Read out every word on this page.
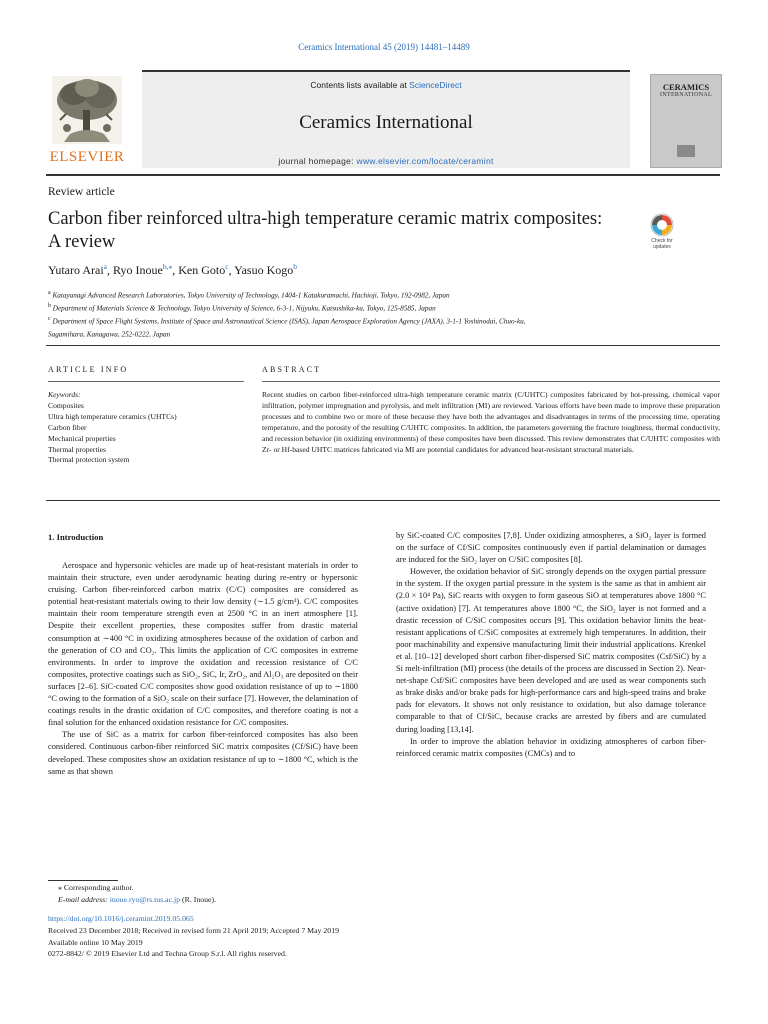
Ceramics International 45 (2019) 14481–14489
ELSEVIER
Contents lists available at ScienceDirect
Ceramics International
journal homepage: www.elsevier.com/locate/ceramint
CERAMICS
INTERNATIONAL
Review article
Carbon fiber reinforced ultra-high temperature ceramic matrix composites:
A review	Check for
updates
Yutaro Arai$^a$, Ryo Inoue$^{b,⁎}$, Ken Goto$^c$, Yasuo Kogo$^b$
$^a$ Katayanagi Advanced Research Laboratories, Tokyo University of Technology, 1404-1 Katakuramachi, Hachioji, Tokyo, 192-0982, Japan
$^b$ Department of Materials Science & Technology, Tokyo University of Science, 6-3-1, Nijyuku, Katsushika-ku, Tokyo, 125-8585, Japan
$^c$ Department of Space Flight Systems, Institute of Space and Astronautical Science (ISAS), Japan Aerospace Exploration Agency (JAXA), 3-1-1 Yoshinodai, Chuo-ku,
Sagamihara, Kanagawa, 252-0222, Japan
ARTICLE INFO	ABSTRACT
Keywords:
Composites
Ultra high temperature ceramics (UHTCs)
Carbon fiber
Mechanical properties
Thermal properties
Thermal protection system
Recent studies on carbon fiber-reinforced ultra-high temperature ceramic matrix (C/UHTC) composites fabricated by hot-pressing, chemical vapor infiltration, polymer impregnation and pyrolysis, and melt infiltration (MI) are reviewed. Various efforts have been made to improve these preparation processes and to combine two or more of these because they have both the advantages and disadvantages in terms of the processing time, operating temperature, and the porosity of the resulting C/UHTC composites. In addition, the parameters governing the fracture toughness, thermal conductivity, and recession behavior (in oxidizing environments) of these composites have been discussed. This review demonstrates that C/UHTC composites with Zr- or Hf-based UHTC matrices fabricated via MI are potential candidates for advanced heat-resistant structural materials.
1. Introduction

Aerospace and hypersonic vehicles are made up of heat-resistant materials in order to maintain their structure, even under aerodynamic heating during re-entry or hypersonic cruising. Carbon fiber-reinforced carbon matrix (C/C) composites are considered as potential heat-resistant materials owing to their low density (∼1.5 g/cm³). C/C composites maintain their room temperature strength even at 2500 °C in an inert atmosphere [1]. Despite their excellent properties, these composites suffer from drastic material consumption at ∼400 °C in oxidizing atmospheres because of the oxidation of carbon and the generation of CO and CO₂. This limits the application of C/C composites in extreme environments. In order to improve the oxidation and recession resistance of C/C composites, protective coatings such as SiO₂, SiC, Ir, ZrO₂, and Al₂O₃ are deposited on their surfaces [2–6]. SiC-coated C/C composites show good oxidation resistance of up to ∼1800 °C owing to the formation of a SiO₂ scale on their surface [7]. However, the delamination of coatings results in the drastic oxidation of C/C composites, and therefore coating is not a final solution for the enhanced oxidation resistance for C/C composites.

The use of SiC as a matrix for carbon fiber-reinforced composites has also been considered. Continuous carbon-fiber reinforced SiC matrix composites (Cf/SiC) have been developed. These composites show an oxidation resistance of up to ∼1800 °C, which is the same as that shown

by SiC-coated C/C composites [7,8]. Under oxidizing atmospheres, a SiO₂ layer is formed on the surface of Cf/SiC composites continuously even if partial delamination or damages are induced for the SiO₂ layer on C/SiC composites [8].

However, the oxidation behavior of SiC strongly depends on the oxygen partial pressure in the system. If the oxygen partial pressure in the system is the same as that in ambient air (2.0 × 10⁴ Pa), SiC reacts with oxygen to form gaseous SiO at temperatures above 1800 °C (active oxidation) [7]. At temperatures above 1800 °C, the SiO₂ layer is not formed and a drastic recession of C/SiC composites occurs [9]. This oxidation behavior limits the heat-resistant applications of C/SiC composites at extremely high temperatures. In addition, their poor machinability and expensive manufacturing limit their industrial applications. Krenkel et al. [10–12] developed short carbon fiber-dispersed SiC matrix composites (Csf/SiC) by a Si melt-infiltration (MI) process (the details of the process are discussed in Section 2). Near-net-shape Csf/SiC composites have been developed and are used as wear components such as brake disks and/or brake pads for high-performance cars and high-speed trains and brake pads for elevators. It shows not only resistance to oxidation, but also damage tolerance comparable to that of Cf/SiC, because cracks are arrested by fibers and are cumulated during loading [13,14].

In order to improve the ablation behavior in oxidizing atmospheres of carbon fiber-reinforced ceramic matrix composites (CMCs) and to

⁎ Corresponding author.
E-mail address: inoue.ryo@rs.tus.ac.jp (R. Inoue).
https://doi.org/10.1016/j.ceramint.2019.05.065
Received 23 December 2018; Received in revised form 21 April 2019; Accepted 7 May 2019
Available online 10 May 2019
0272-8842/ © 2019 Elsevier Ltd and Techna Group S.r.l. All rights reserved.
